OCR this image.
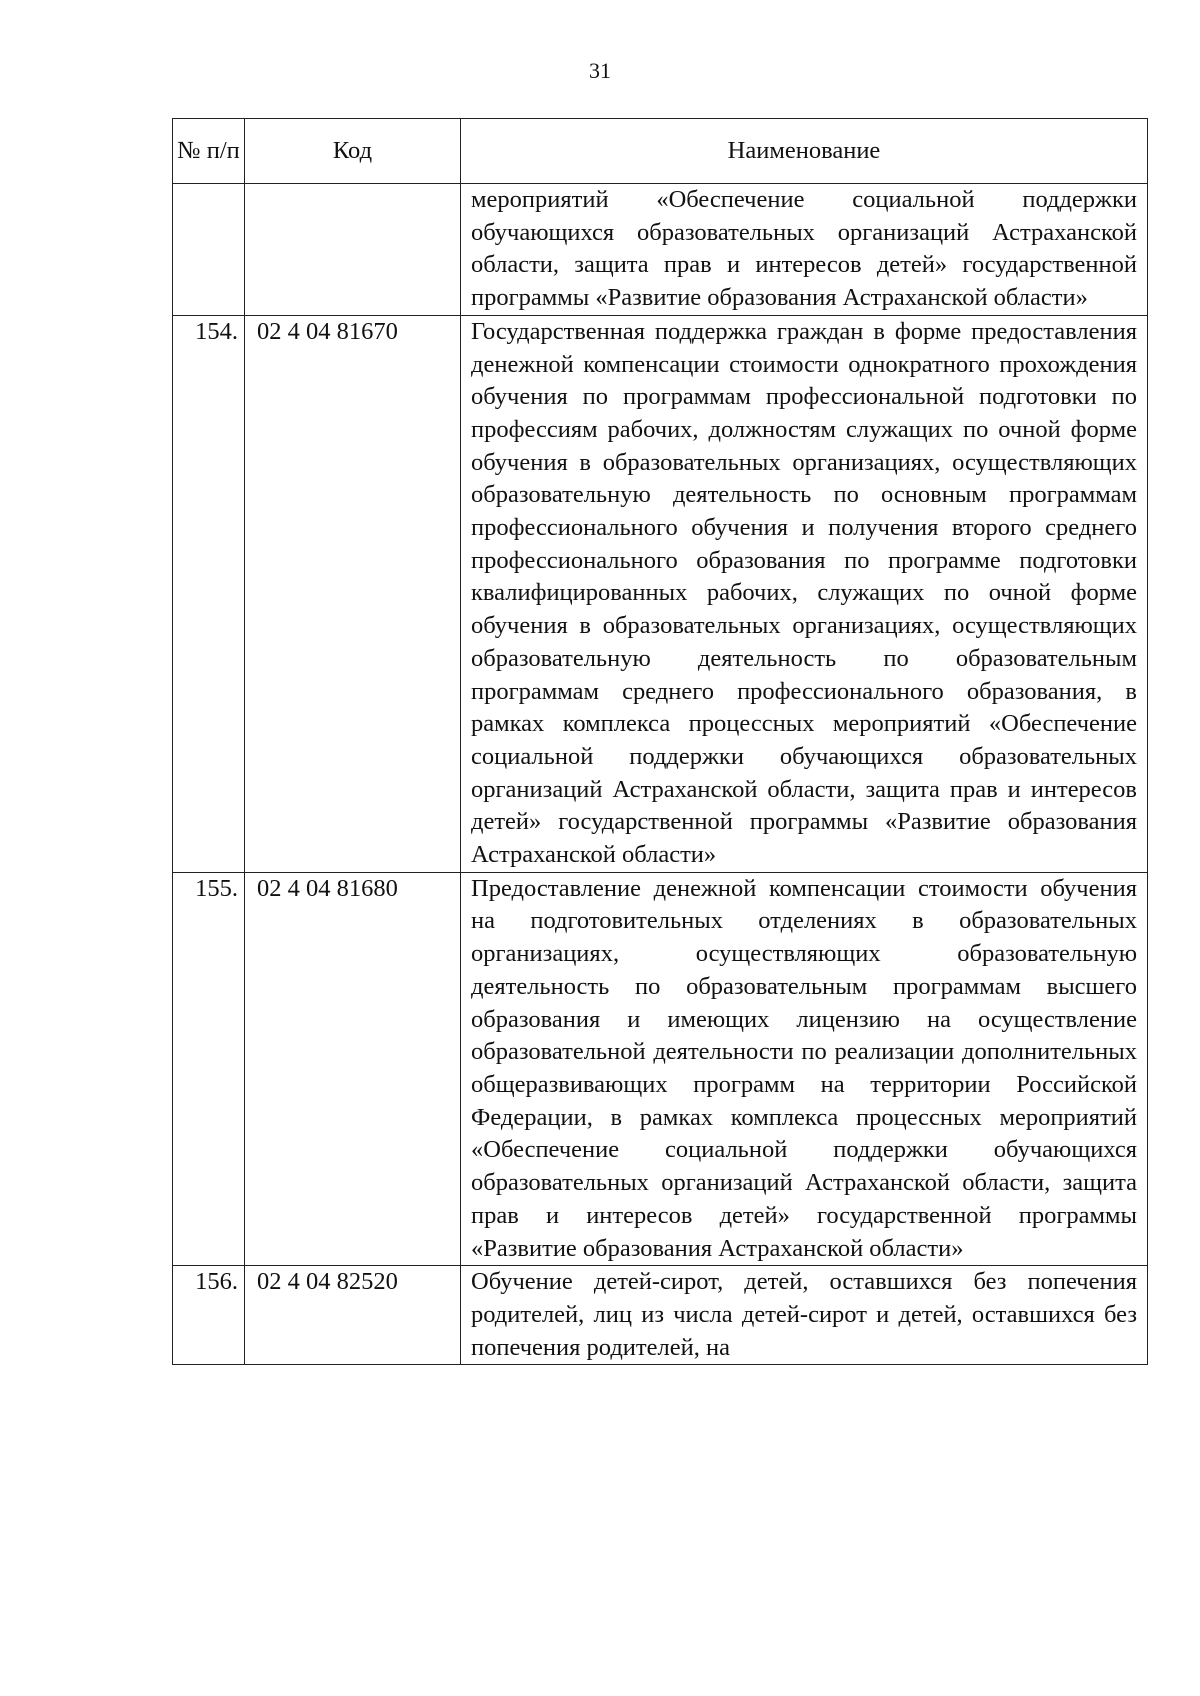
31
№ п/п	Код	Наименование
		мероприятий «Обеспечение социальной поддержки обучающихся образовательных организаций Астраханской области, защита прав и интересов детей» государственной программы «Развитие образования Астраханской области»
154.	02 4 04 81670	Государственная поддержка граждан в форме предоставления денежной компенсации стоимости однократного прохождения обучения по программам профессиональной подготовки по профессиям рабочих, должностям служащих по очной форме обучения в образовательных организациях, осуществляющих образовательную деятельность по основным программам профессионального обучения и получения второго среднего профессионального образования по программе подготовки квалифицированных рабочих, служащих по очной форме обучения в образовательных организациях, осуществляющих образовательную деятельность по образовательным программам среднего профессионального образования, в рамках комплекса процессных мероприятий «Обеспечение социальной поддержки обучающихся образовательных организаций Астраханской области, защита прав и интересов детей» государственной программы «Развитие образования Астраханской области»
155.	02 4 04 81680	Предоставление денежной компенсации стоимости обучения на подготовительных отделениях в образовательных организациях, осуществляющих образовательную деятельность по образовательным программам высшего образования и имеющих лицензию на осуществление образовательной деятельности по реализации дополнительных общеразвивающих программ на территории Российской Федерации, в рамках комплекса процессных мероприятий «Обеспечение социальной поддержки обучающихся образовательных организаций Астраханской области, защита прав и интересов детей» государственной программы «Развитие образования Астраханской области»
156.	02 4 04 82520	Обучение детей-сирот, детей, оставшихся без попечения родителей, лиц из числа детей-сирот и детей, оставшихся без попечения родителей, на
